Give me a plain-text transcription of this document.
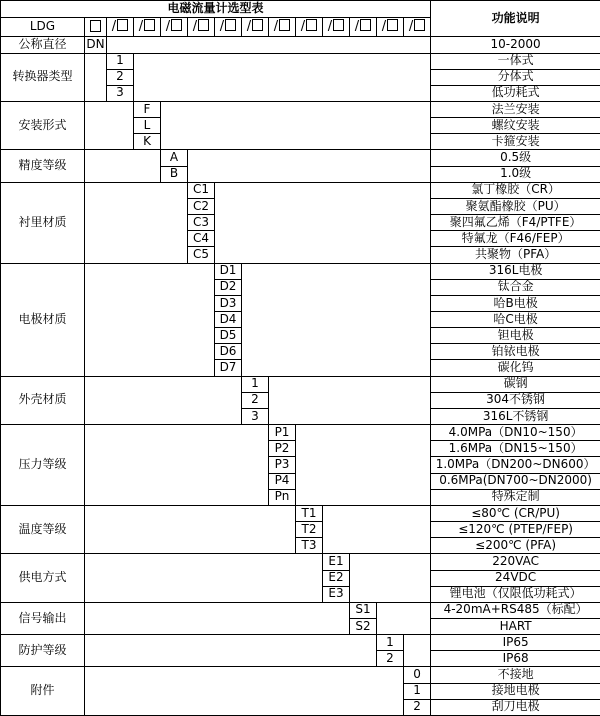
电磁流量计选型表														功能说明
LDG		/	/	/	/	/	/	/	/	/	/	/	/	
公称直径	DN													10-2000
转换器类型		1												一体式
		2												分体式
		3												低功耗式
安装形式			F											法兰安装
			L											螺纹安装
			K											卡箍安装
精度等级				A										0.5级
				B										1.0级
衬里材质					C1									氯丁橡胶（CR）
					C2									聚氨酯橡胶（PU）
					C3									聚四氟乙烯（F4/PTFE）
					C4									特氟龙（F46/FEP）
					C5									共聚物（PFA）
电极材质						D1								316L电极
						D2								钛合金
						D3								哈B电极
						D4								哈C电极
						D5								钽电极
						D6								铂铱电极
						D7								碳化钨
外壳材质							1							碳钢
							2							304不锈钢
							3							316L不锈钢
压力等级								P1						4.0MPa（DN10~150）
								P2						1.6MPa（DN15~150）
								P3						1.0MPa（DN200~DN600）
								P4						0.6MPa(DN700~DN2000)
								Pn						特殊定制
温度等级									T1					≤80℃ (CR/PU)
									T2					≤120℃ (PTEP/FEP)
									T3					≤200℃ (PFA)
供电方式										E1				220VAC
										E2				24VDC
										E3				锂电池（仅限低功耗式）
信号输出											S1			4-20mA+RS485（标配）
											S2			HART
防护等级												1		IP65
												2		IP68
附件													0	不接地
													1	接地电极
													2	刮刀电极
